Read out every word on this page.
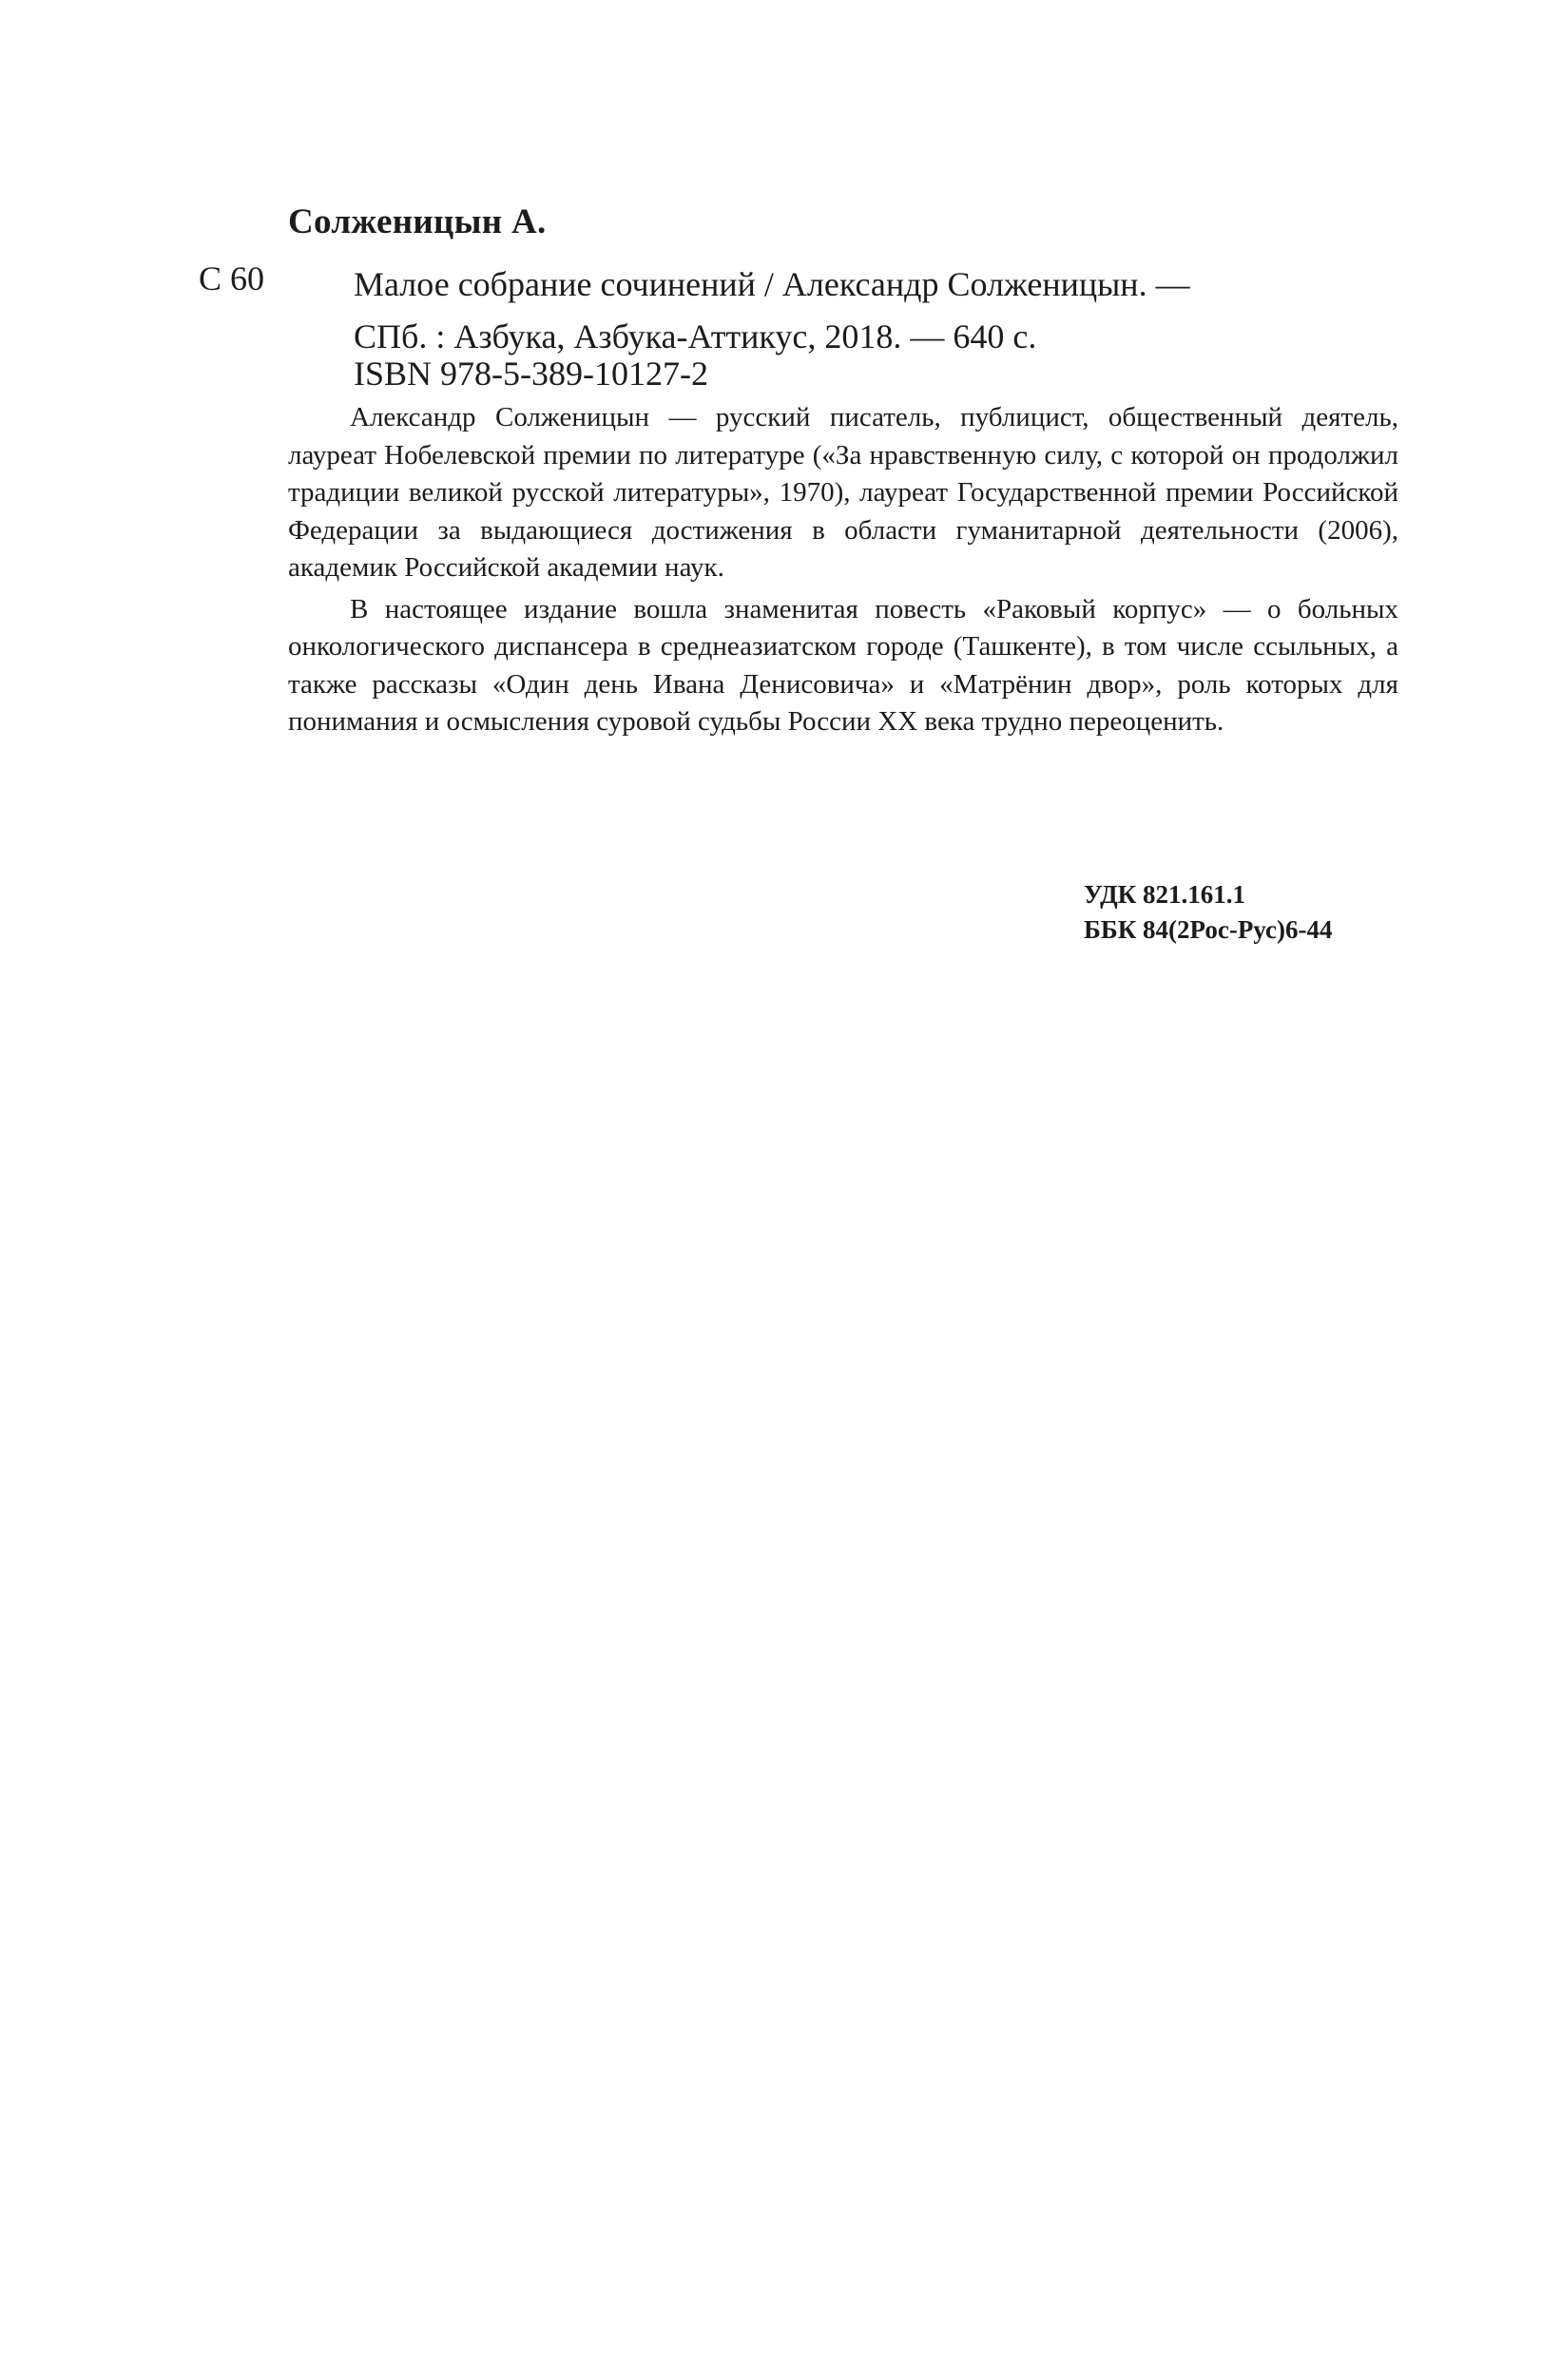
Солженицын А.
С 60	Малое собрание сочинений / Александр Солженицын. —
СПб. : Азбука, Азбука-Аттикус, 2018. — 640 с.
ISBN 978-5-389-10127-2

Александр Солженицын — русский писатель, публицист, общественный деятель, лауреат Нобелевской премии по литературе («За нравственную силу, с которой он продолжил традиции великой русской литературы», 1970), лауреат Государственной премии Российской Федерации за выдающиеся достижения в области гуманитарной деятельности (2006), академик Российской академии наук.

В настоящее издание вошла знаменитая повесть «Раковый корпус» — о больных онкологического диспансера в среднеазиатском городе (Ташкенте), в том числе ссыльных, а также рассказы «Один день Ивана Денисовича» и «Матрёнин двор», роль которых для понимания и осмысления суровой судьбы России XX века трудно переоценить.

УДК 821.161.1
ББК 84(2Рос-Рус)6-44
